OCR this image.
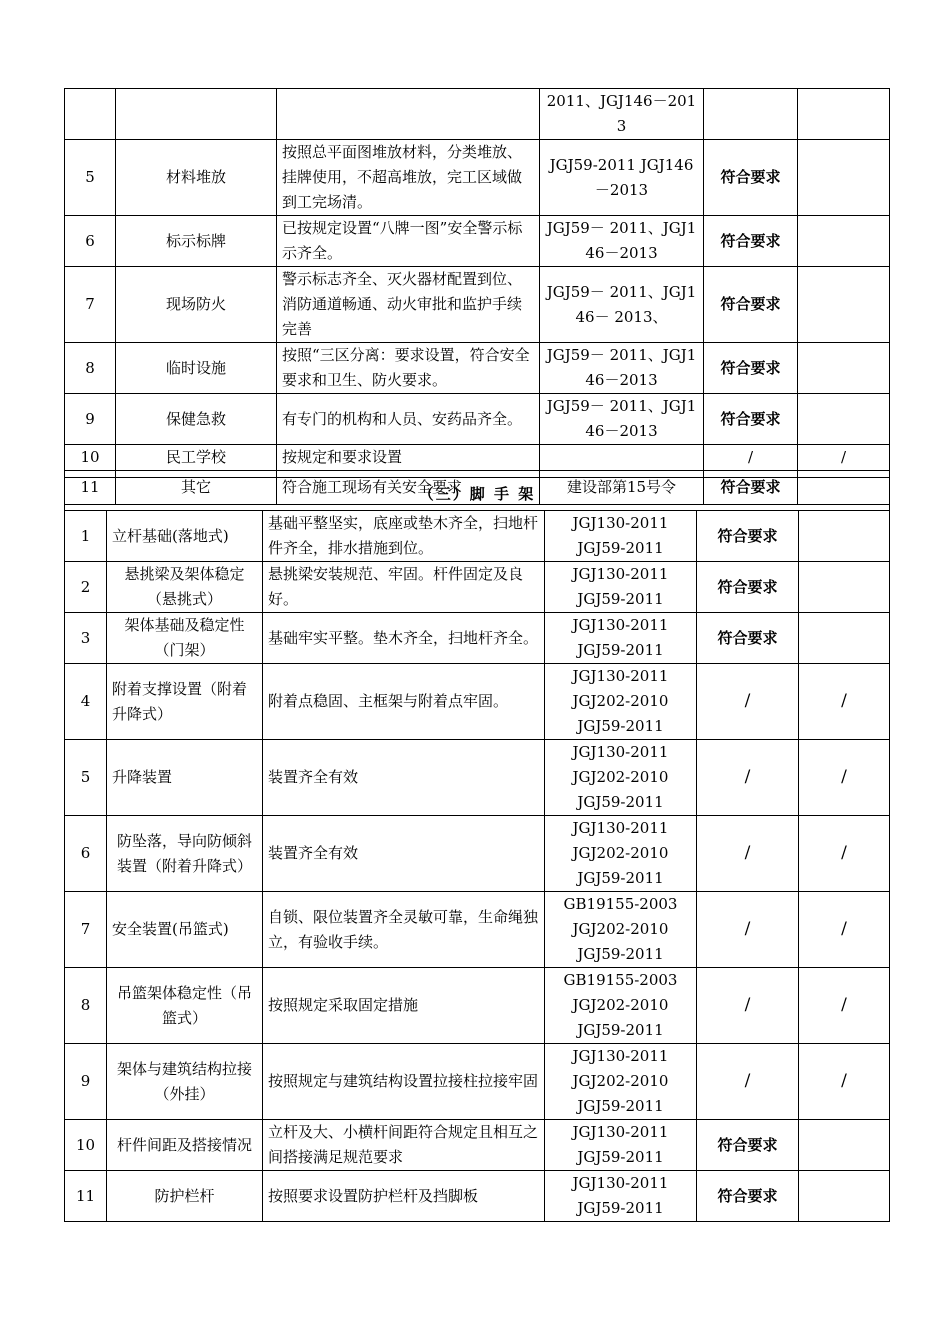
			2011、JGJ146－2013		
5	材料堆放	按照总平面图堆放材料，分类堆放、挂牌使用，不超高堆放，完工区域做到工完场清。	JGJ59-2011 JGJ146－2013	符合要求	
6	标示标牌	已按规定设置“八牌一图”安全警示标示齐全。	JGJ59－ 2011、JGJ146－2013	符合要求	
7	现场防火	警示标志齐全、灭火器材配置到位、消防通道畅通、动火审批和监护手续完善	JGJ59－ 2011、JGJ146－ 2013、	符合要求	
8	临时设施	按照“三区分离：要求设置，符合安全要求和卫生、防火要求。	JGJ59－ 2011、JGJ146－2013	符合要求	
9	保健急救	有专门的机构和人员、安药品齐全。	JGJ59－ 2011、JGJ146－2013	符合要求	
10	民工学校	按规定和要求设置		/	/
11	其它	符合施工现场有关安全要求	建设部第15号令	符合要求	
（三）脚 手 架					
1	立杆基础(落地式)	基础平整坚实，底座或垫木齐全，扫地杆件齐全，排水措施到位。	JGJ130-2011
JGJ59-2011	符合要求	
2	悬挑梁及架体稳定（悬挑式）	悬挑梁安装规范、牢固。杆件固定及良好。	JGJ130-2011
JGJ59-2011	符合要求	
3	架体基础及稳定性（门架）	基础牢实平整。垫木齐全，扫地杆齐全。	JGJ130-2011
JGJ59-2011	符合要求	
4	附着支撑设置（附着升降式）	附着点稳固、主框架与附着点牢固。	JGJ130-2011
JGJ202-2010
JGJ59-2011	/	/
5	升降装置	装置齐全有效	JGJ130-2011
JGJ202-2010
JGJ59-2011	/	/
6	防坠落，导向防倾斜装置（附着升降式）	装置齐全有效	JGJ130-2011
JGJ202-2010
JGJ59-2011	/	/
7	安全装置(吊篮式)	自锁、限位装置齐全灵敏可靠，生命绳独立，有验收手续。	GB19155-2003
JGJ202-2010
JGJ59-2011	/	/
8	吊篮架体稳定性（吊篮式）	按照规定采取固定措施	GB19155-2003
JGJ202-2010
JGJ59-2011	/	/
9	架体与建筑结构拉接（外挂）	按照规定与建筑结构设置拉接柱拉接牢固	JGJ130-2011
JGJ202-2010
JGJ59-2011	/	/
10	杆件间距及搭接情况	立杆及大、小横杆间距符合规定且相互之间搭接满足规范要求	JGJ130-2011
JGJ59-2011	符合要求	
11	防护栏杆	按照要求设置防护栏杆及挡脚板	JGJ130-2011
JGJ59-2011	符合要求	
